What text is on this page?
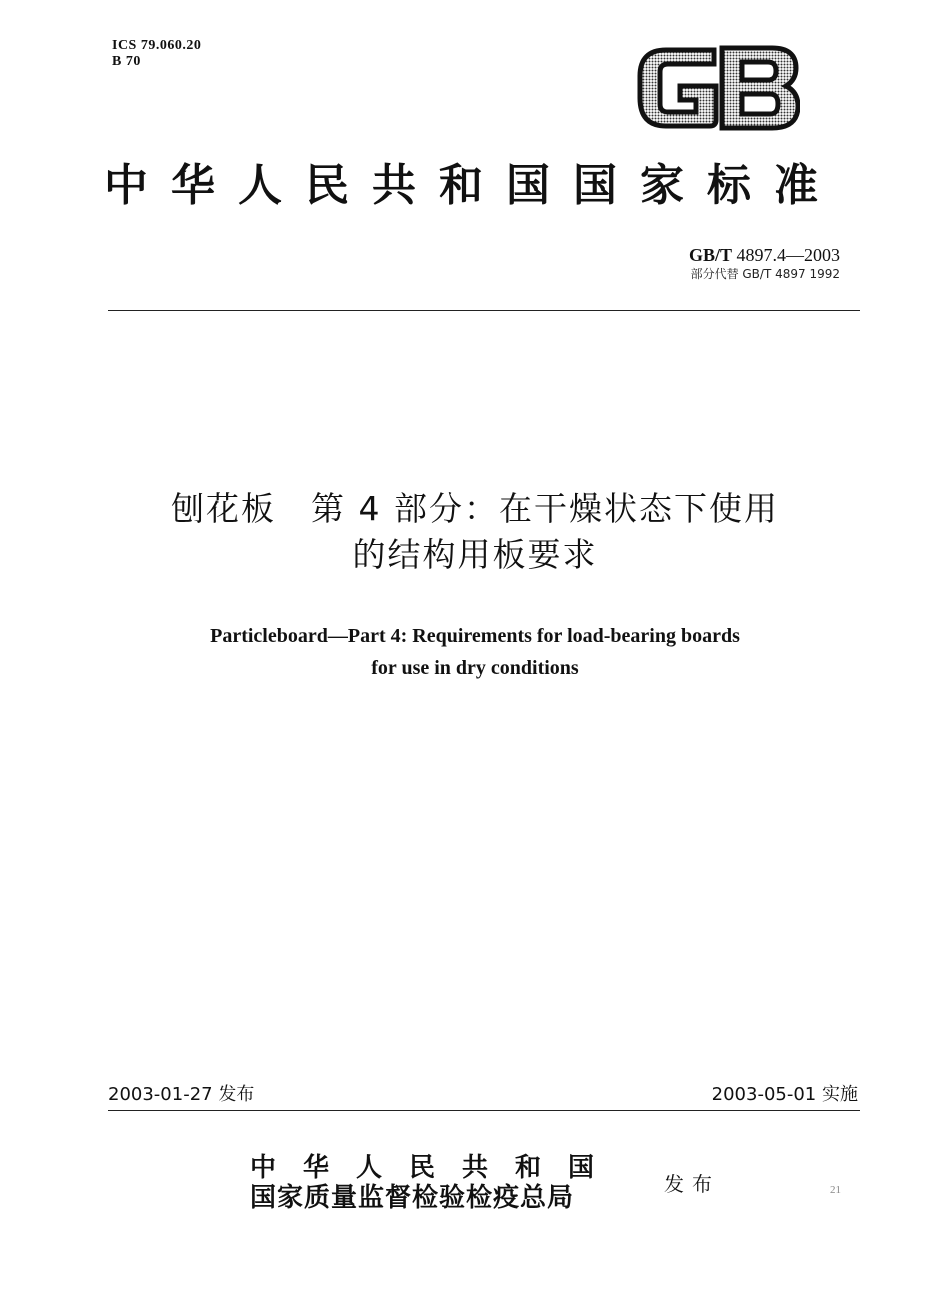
ICS 79.060.20
B 70
中华人民共和国国家标准
GB/T 4897.4—2003
部分代替 GB/T 4897 1992
刨花板　第 4 部分：在干燥状态下使用
的结构用板要求
Particleboard—Part 4: Requirements for load-bearing boards
for use in dry conditions
2003-01-27 发布	2003-05-01 实施
中华人民共和国
国家质量监督检验检疫总局	发布	21
